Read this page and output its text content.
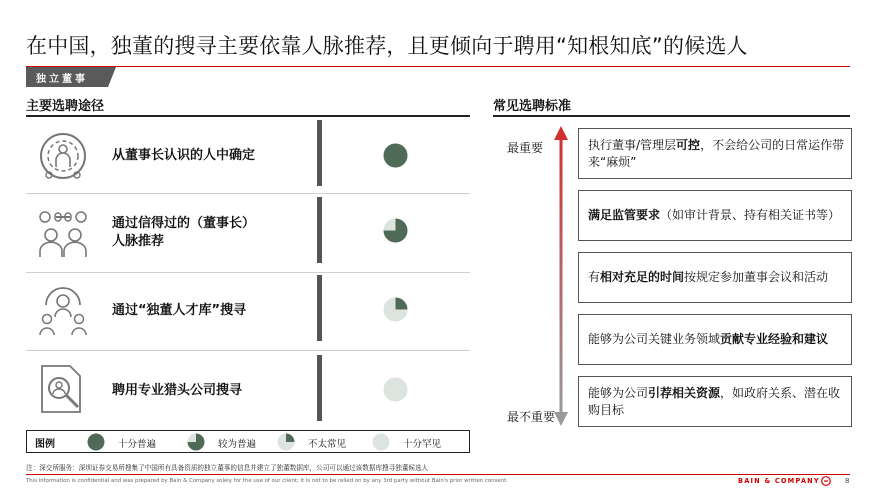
在中国，独董的搜寻主要依靠人脉推荐，且更倾向于聘用“知根知底”的候选人
独立董事
主要选聘途径	常见选聘标准
从董事长认识的人中确定
通过信得过的（董事长）
人脉推荐
通过“独董人才库”搜寻
聘用专业猎头公司搜寻
图例	十分普遍	较为普遍	不太常见	十分罕见
最重要
最不重要
执行董事/管理层可控，不会给公司的日常运作带来“麻烦”
满足监管要求（如审计背景、持有相关证书等）
有相对充足的时间按规定参加董事会议和活动
能够为公司关键业务领域贡献专业经验和建议
能够为公司引荐相关资源，如政府关系、潜在收购目标
注：深交所服务：深圳证券交易所搜集了中国所有具备资质的独立董事的信息并建立了独董数据库，公司可以通过该数据库搜寻独董候选人
This information is confidential and was prepared by Bain & Company solely for the use of our client; it is not to be relied on by any 3rd party without Bain's prior written consent.	BAIN & COMPANY	8
